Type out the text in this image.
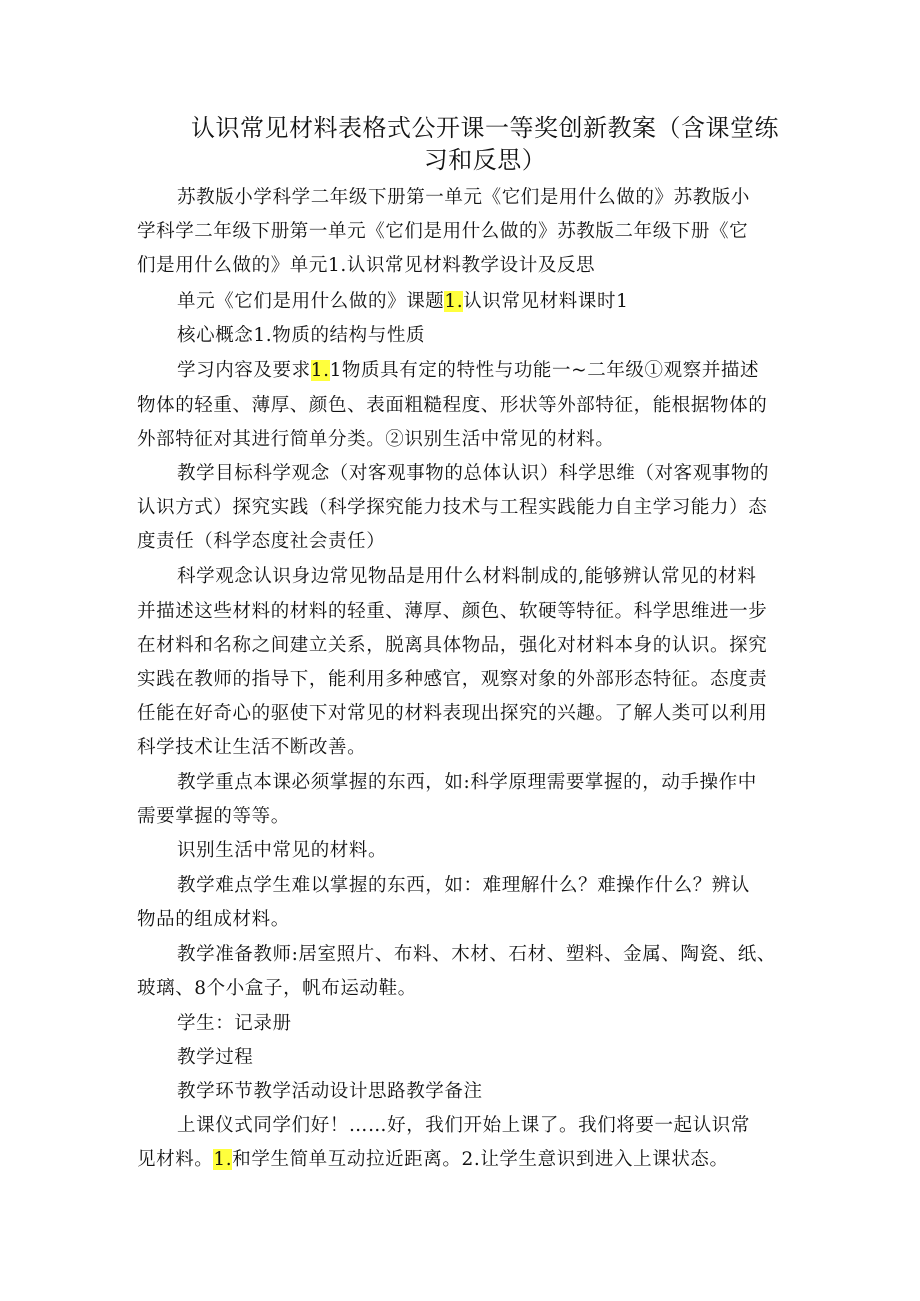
认识常见材料表格式公开课一等奖创新教案（含课堂练
习和反思）
苏教版小学科学二年级下册第一单元《它们是用什么做的》苏教版小
学科学二年级下册第一单元《它们是用什么做的》苏教版二年级下册《它
们是用什么做的》单元1.认识常见材料教学设计及反思
单元《它们是用什么做的》课题1.认识常见材料课时1
核心概念1.物质的结构与性质
学习内容及要求1.1物质具有定的特性与功能一~二年级①观察并描述
物体的轻重、薄厚、颜色、表面粗糙程度、形状等外部特征，能根据物体的
外部特征对其进行简单分类。②识别生活中常见的材料。
教学目标科学观念（对客观事物的总体认识）科学思维（对客观事物的
认识方式）探究实践（科学探究能力技术与工程实践能力自主学习能力）态
度责任（科学态度社会责任）
科学观念认识身边常见物品是用什么材料制成的,能够辨认常见的材料
并描述这些材料的材料的轻重、薄厚、颜色、软硬等特征。科学思维进一步
在材料和名称之间建立关系，脱离具体物品，强化对材料本身的认识。探究
实践在教师的指导下，能利用多种感官，观察对象的外部形态特征。态度责
任能在好奇心的驱使下对常见的材料表现出探究的兴趣。了解人类可以利用
科学技术让生活不断改善。
教学重点本课必须掌握的东西，如:科学原理需要掌握的，动手操作中
需要掌握的等等。
识别生活中常见的材料。
教学难点学生难以掌握的东西，如：难理解什么？难操作什么？辨认
物品的组成材料。
教学准备教师:居室照片、布料、木材、石材、塑料、金属、陶瓷、纸、
玻璃、8个小盒子，帆布运动鞋。
学生：记录册
教学过程
教学环节教学活动设计思路教学备注
上课仪式同学们好！……好，我们开始上课了。我们将要一起认识常
见材料。1.和学生简单互动拉近距离。2.让学生意识到进入上课状态。
